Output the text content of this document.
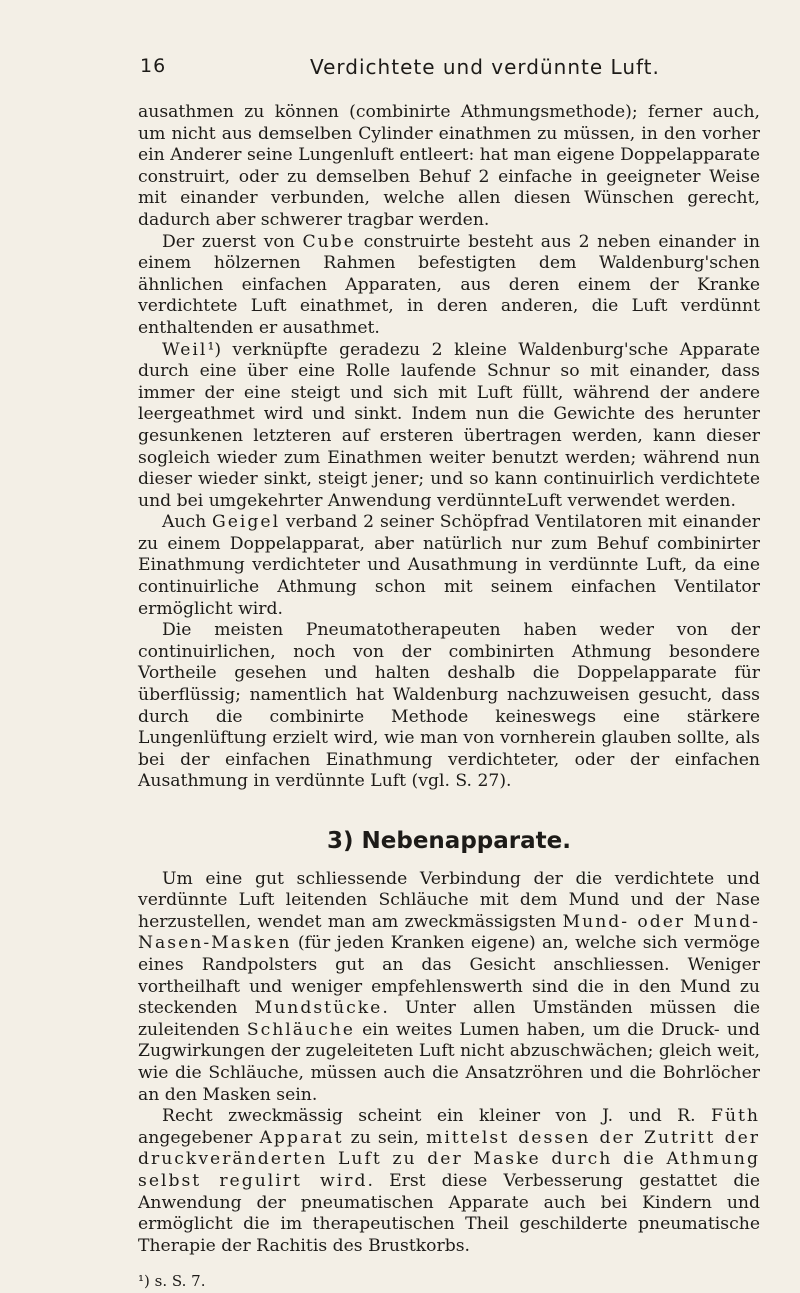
16	Verdichtete und verdünnte Luft.

ausathmen zu können (combinirte Athmungsmethode); ferner auch, um nicht aus demselben Cylinder einathmen zu müssen, in den vorher ein Anderer seine Lungenluft entleert: hat man eigene Doppelapparate construirt, oder zu demselben Behuf 2 einfache in geeigneter Weise mit einander verbunden, welche allen diesen Wünschen gerecht, dadurch aber schwerer tragbar werden.

Der zuerst von Cube construirte besteht aus 2 neben einander in einem hölzernen Rahmen befestigten dem Waldenburg'schen ähnlichen einfachen Apparaten, aus deren einem der Kranke verdichtete Luft einathmet, in deren anderen, die Luft verdünnt enthaltenden er ausathmet.

Weil¹) verknüpfte geradezu 2 kleine Waldenburg'sche Apparate durch eine über eine Rolle laufende Schnur so mit einander, dass immer der eine steigt und sich mit Luft füllt, während der andere leergeathmet wird und sinkt. Indem nun die Gewichte des herunter gesunkenen letzteren auf ersteren übertragen werden, kann dieser sogleich wieder zum Einathmen weiter benutzt werden; während nun dieser wieder sinkt, steigt jener; und so kann continuirlich verdichtete und bei umgekehrter Anwendung verdünnteLuft verwendet werden.

Auch Geigel verband 2 seiner Schöpfrad Ventilatoren mit einander zu einem Doppelapparat, aber natürlich nur zum Behuf combinirter Einathmung verdichteter und Ausathmung in verdünnte Luft, da eine continuirliche Athmung schon mit seinem einfachen Ventilator ermöglicht wird.

Die meisten Pneumatotherapeuten haben weder von der continuirlichen, noch von der combinirten Athmung besondere Vortheile gesehen und halten deshalb die Doppelapparate für überflüssig; namentlich hat Waldenburg nachzuweisen gesucht, dass durch die combinirte Methode keineswegs eine stärkere Lungenlüftung erzielt wird, wie man von vornherein glauben sollte, als bei der einfachen Einathmung verdichteter, oder der einfachen Ausathmung in verdünnte Luft (vgl. S. 27).

3) Nebenapparate.

Um eine gut schliessende Verbindung der die verdichtete und verdünnte Luft leitenden Schläuche mit dem Mund und der Nase herzustellen, wendet man am zweckmässigsten Mund- oder Mund-Nasen-Masken (für jeden Kranken eigene) an, welche sich vermöge eines Randpolsters gut an das Gesicht anschliessen. Weniger vortheilhaft und weniger empfehlenswerth sind die in den Mund zu steckenden Mundstücke. Unter allen Umständen müssen die zuleitenden Schläuche ein weites Lumen haben, um die Druck- und Zugwirkungen der zugeleiteten Luft nicht abzuschwächen; gleich weit, wie die Schläuche, müssen auch die Ansatzröhren und die Bohrlöcher an den Masken sein.

Recht zweckmässig scheint ein kleiner von J. und R. Füth angegebener Apparat zu sein, mittelst dessen der Zutritt der druckveränderten Luft zu der Maske durch die Athmung selbst regulirt wird. Erst diese Verbesserung gestattet die Anwendung der pneumatischen Apparate auch bei Kindern und ermöglicht die im therapeutischen Theil geschilderte pneumatische Therapie der Rachitis des Brustkorbs.

¹) s. S. 7.
